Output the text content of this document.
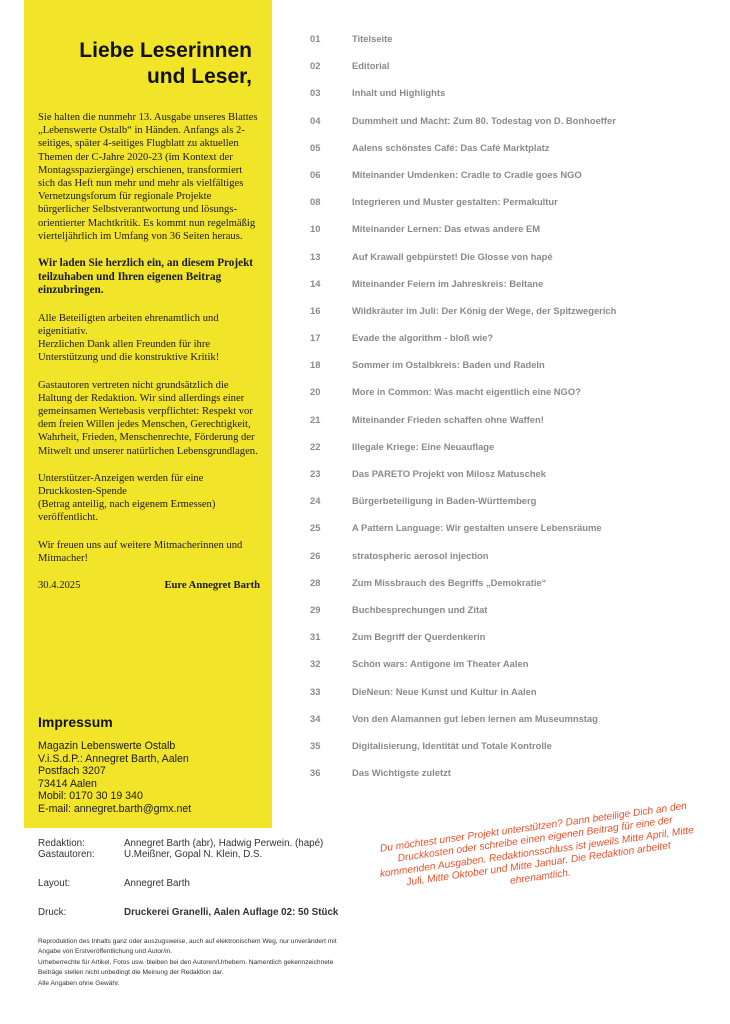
Liebe Leserinnen
und Leser,

Sie halten die nunmehr 13. Ausgabe unseres Blattes „Lebenswerte Ostalb“ in Händen. Anfangs als 2-seitiges, später 4-seitiges Flugblatt zu aktuellen Themen der C-Jahre 2020-23 (im Kontext der Montagsspaziergänge) erschienen, transformiert sich das Heft nun mehr und mehr als vielfältiges Vernetzungsforum für regionale Projekte bürgerlicher Selbstverantwortung und lösungs-orientierter Machtkritik. Es kommt nun regelmäßig vierteljährlich im Umfang von 36 Seiten heraus.

Wir laden Sie herzlich ein, an diesem Projekt teilzuhaben und Ihren eigenen Beitrag einzubringen.

Alle Beteiligten arbeiten ehrenamtlich und eigenitiativ.
Herzlichen Dank allen Freunden für ihre Unterstützung und die konstruktive Kritik!

Gastautoren vertreten nicht grundsätzlich die Haltung der Redaktion. Wir sind allerdings einer gemeinsamen Wertebasis verpflichtet: Respekt vor dem freien Willen jedes Menschen, Gerechtigkeit, Wahrheit, Frieden, Menschenrechte, Förderung der Mitwelt und unserer natürlichen Lebensgrundlagen.

Unterstützer-Anzeigen werden für eine Druckkosten-Spende
(Betrag anteilig, nach eigenem Ermessen) veröffentlicht.

Wir freuen uns auf weitere Mitmacherinnen und Mitmacher!

30.4.2025	Eure Annegret Barth

Impressum
Magazin Lebenswerte Ostalb
V.i.S.d.P.: Annegret Barth, Aalen
Postfach 3207
73414 Aalen
Mobil: 0170 30 19 340
E-mail: annegret.barth@gmx.net
01	Titelseite
02	Editorial
03	Inhalt und Highlights
04	Dummheit und Macht: Zum 80. Todestag von D. Bonhoeffer
05	Aalens schönstes Café: Das Café Marktplatz
06	Miteinander Umdenken: Cradle to Cradle goes NGO
08	Integrieren und Muster gestalten: Permakultur
10	Miteinander Lernen: Das etwas andere EM
13	Auf Krawall gebpürstet! Die Glosse von hapé
14	Miteinander Feiern im Jahreskreis: Beltane
16	Wildkräuter im Juli: Der König der Wege, der Spitzwegerich
17	Evade the algorithm - bloß wie?
18	Sommer im Ostalbkreis: Baden und Radeln
20	More in Common: Was macht eigentlich eine NGO?
21	Miteinander Frieden schaffen ohne Waffen!
22	Illegale Kriege: Eine Neuauflage
23	Das PARETO Projekt von Milosz Matuschek
24	Bürgerbeteiligung in Baden-Württemberg
25	A Pattern Language: Wir gestalten unsere Lebensräume
26	stratospheric aerosol injection
28	Zum Missbrauch des Begriffs „Demokratie“
29	Buchbesprechungen und Zitat
31	Zum Begriff der Querdenkerin
32	Schön wars: Antigone im Theater Aalen
33	DieNeun: Neue Kunst und Kultur in Aalen
34	Von den Alamannen gut leben lernen am Museumnstag
35	Digitalisierung, Identität und Totale Kontrolle
36	Das Wichtigste zuletzt
Redaktion:	Annegret Barth (abr), Hadwig Perwein. (hapé)
Gastautoren:	U.Meißner, Gopal N. Klein, D.S.
Layout:	Annegret Barth
Druck:	Druckerei Granelli, Aalen Auflage 02: 50 Stück

Reproduktion des Inhalts ganz oder auszugsweise, auch auf elektronischem Weg, nur unverändert mit Angabe von Erstveröffentlichung und Autor/in.

Urheberrechte für Artikel, Fotos usw. bleiben bei den Autoren/Urhebern. Namentlich gekennzeichnete Beiträge stellen nicht unbedingt die Meinung der Redaktion dar.

Alle Angaben ohne Gewähr.

Du möchtest unser Projekt unterstützen? Dann beteilige Dich an den Druckkosten oder schreibe einen eigenen Beitrag für eine der kommenden Ausgaben. Redaktionsschluss ist jeweils Mitte April, Mitte Juli, Mitte Oktober und Mitte Januar. Die Redaktion arbeitet ehrenamtlich.
